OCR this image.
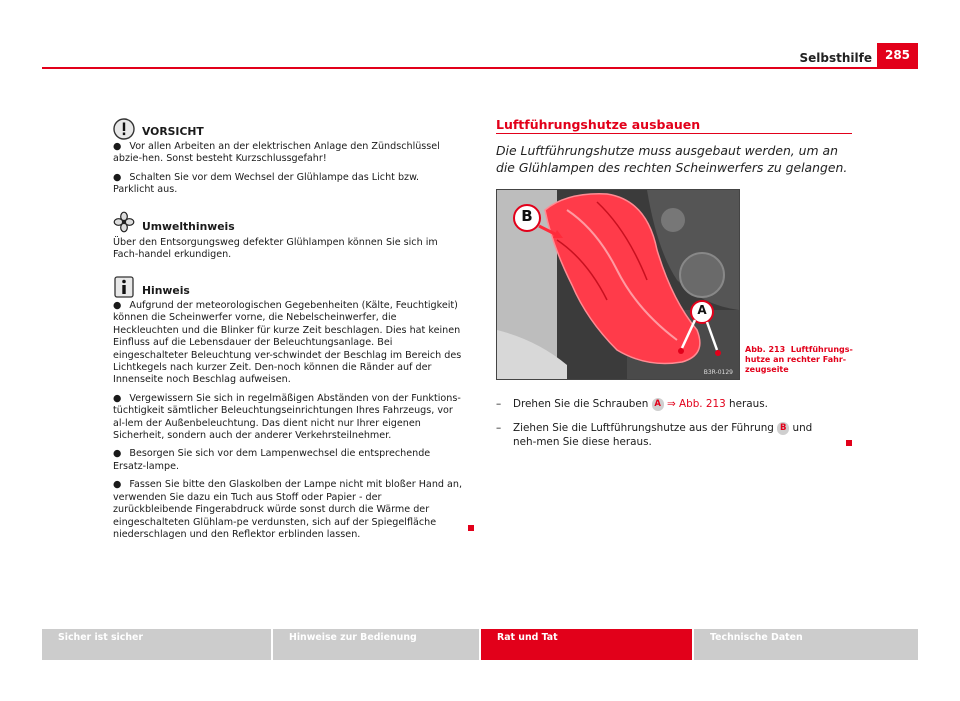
Selbsthilfe	285
VORSICHT

● Vor allen Arbeiten an der elektrischen Anlage den Zündschlüssel abzie-hen. Sonst besteht Kurzschlussgefahr!

● Schalten Sie vor dem Wechsel der Glühlampe das Licht bzw. Parklicht aus.

Umwelthinweis
Über den Entsorgungsweg defekter Glühlampen können Sie sich im Fach-handel erkundigen.
Hinweis

● Aufgrund der meteorologischen Gegebenheiten (Kälte, Feuchtigkeit) können die Scheinwerfer vorne, die Nebelscheinwerfer, die Heckleuchten und die Blinker für kurze Zeit beschlagen. Dies hat keinen Einfluss auf die Lebensdauer der Beleuchtungsanlage. Bei eingeschalteter Beleuchtung ver-schwindet der Beschlag im Bereich des Lichtkegels nach kurzer Zeit. Den-noch können die Ränder auf der Innenseite noch Beschlag aufweisen.

● Vergewissern Sie sich in regelmäßigen Abständen von der Funktions-tüchtigkeit sämtlicher Beleuchtungseinrichtungen Ihres Fahrzeugs, vor al-lem der Außenbeleuchtung. Das dient nicht nur Ihrer eigenen Sicherheit, sondern auch der anderer Verkehrsteilnehmer.

● Besorgen Sie sich vor dem Lampenwechsel die entsprechende Ersatz-lampe.

● Fassen Sie bitte den Glaskolben der Lampe nicht mit bloßer Hand an, verwenden Sie dazu ein Tuch aus Stoff oder Papier - der zurückbleibende Fingerabdruck würde sonst durch die Wärme der eingeschalteten Glühlam-pe verdunsten, sich auf der Spiegelfläche niederschlagen und den Reflektor erblinden lassen.

Luftführungshutze ausbauen
Die Luftführungshutze muss ausgebaut werden, um an die Glühlampen des rechten Scheinwerfers zu gelangen.
B
A
B3R-0129
Abb. 213 Luftführungs-hutze an rechter Fahr-zeugseite
– Drehen Sie die Schrauben A ⇒ Abb. 213 heraus.
– Ziehen Sie die Luftführungshutze aus der Führung B und neh-men Sie diese heraus.
Sicher ist sicher	Hinweise zur Bedienung	Rat und Tat	Technische Daten
